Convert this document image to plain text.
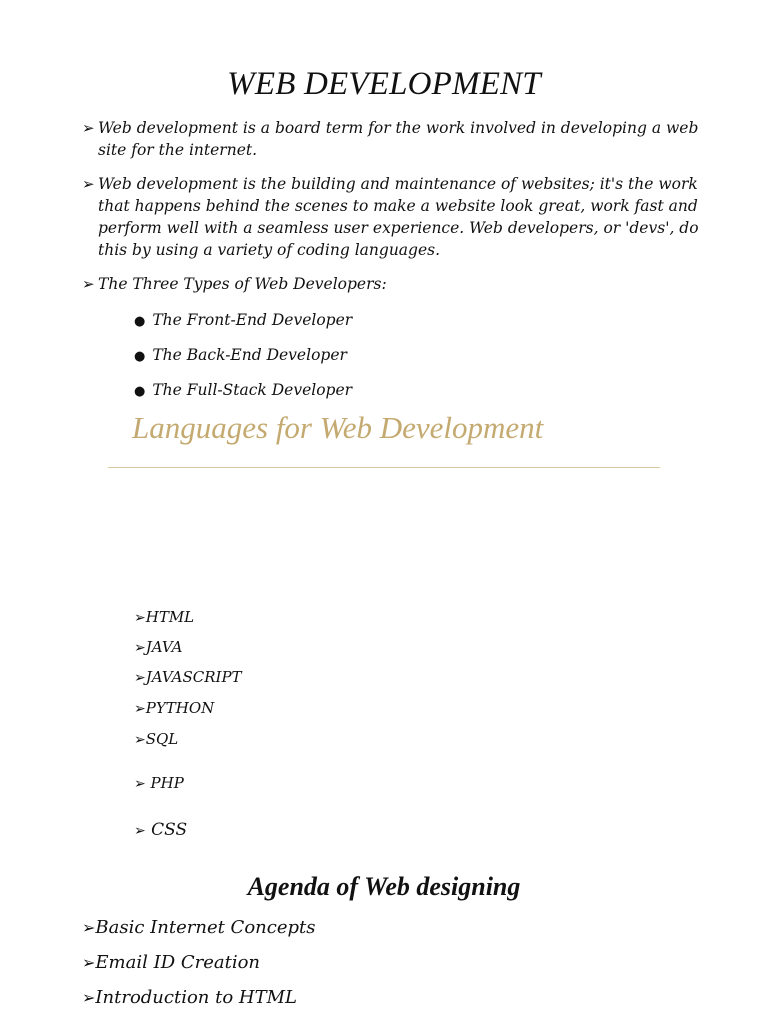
WEB DEVELOPMENT
➢ Web development is a board term for the work involved in developing a web site for the internet.
➢ Web development is the building and maintenance of websites; it's the work that happens behind the scenes to make a website look great, work fast and perform well with a seamless user experience. Web developers, or 'devs', do this by using a variety of coding languages.
➢ The Three Types of Web Developers:
● The Front-End Developer
● The Back-End Developer
● The Full-Stack Developer
Languages for Web Development
➢HTML
➢JAVA
➢JAVASCRIPT
➢PYTHON
➢SQL
➢ PHP
➢ CSS
Agenda of Web designing
➢Basic Internet Concepts
➢Email ID Creation
➢Introduction to HTML
